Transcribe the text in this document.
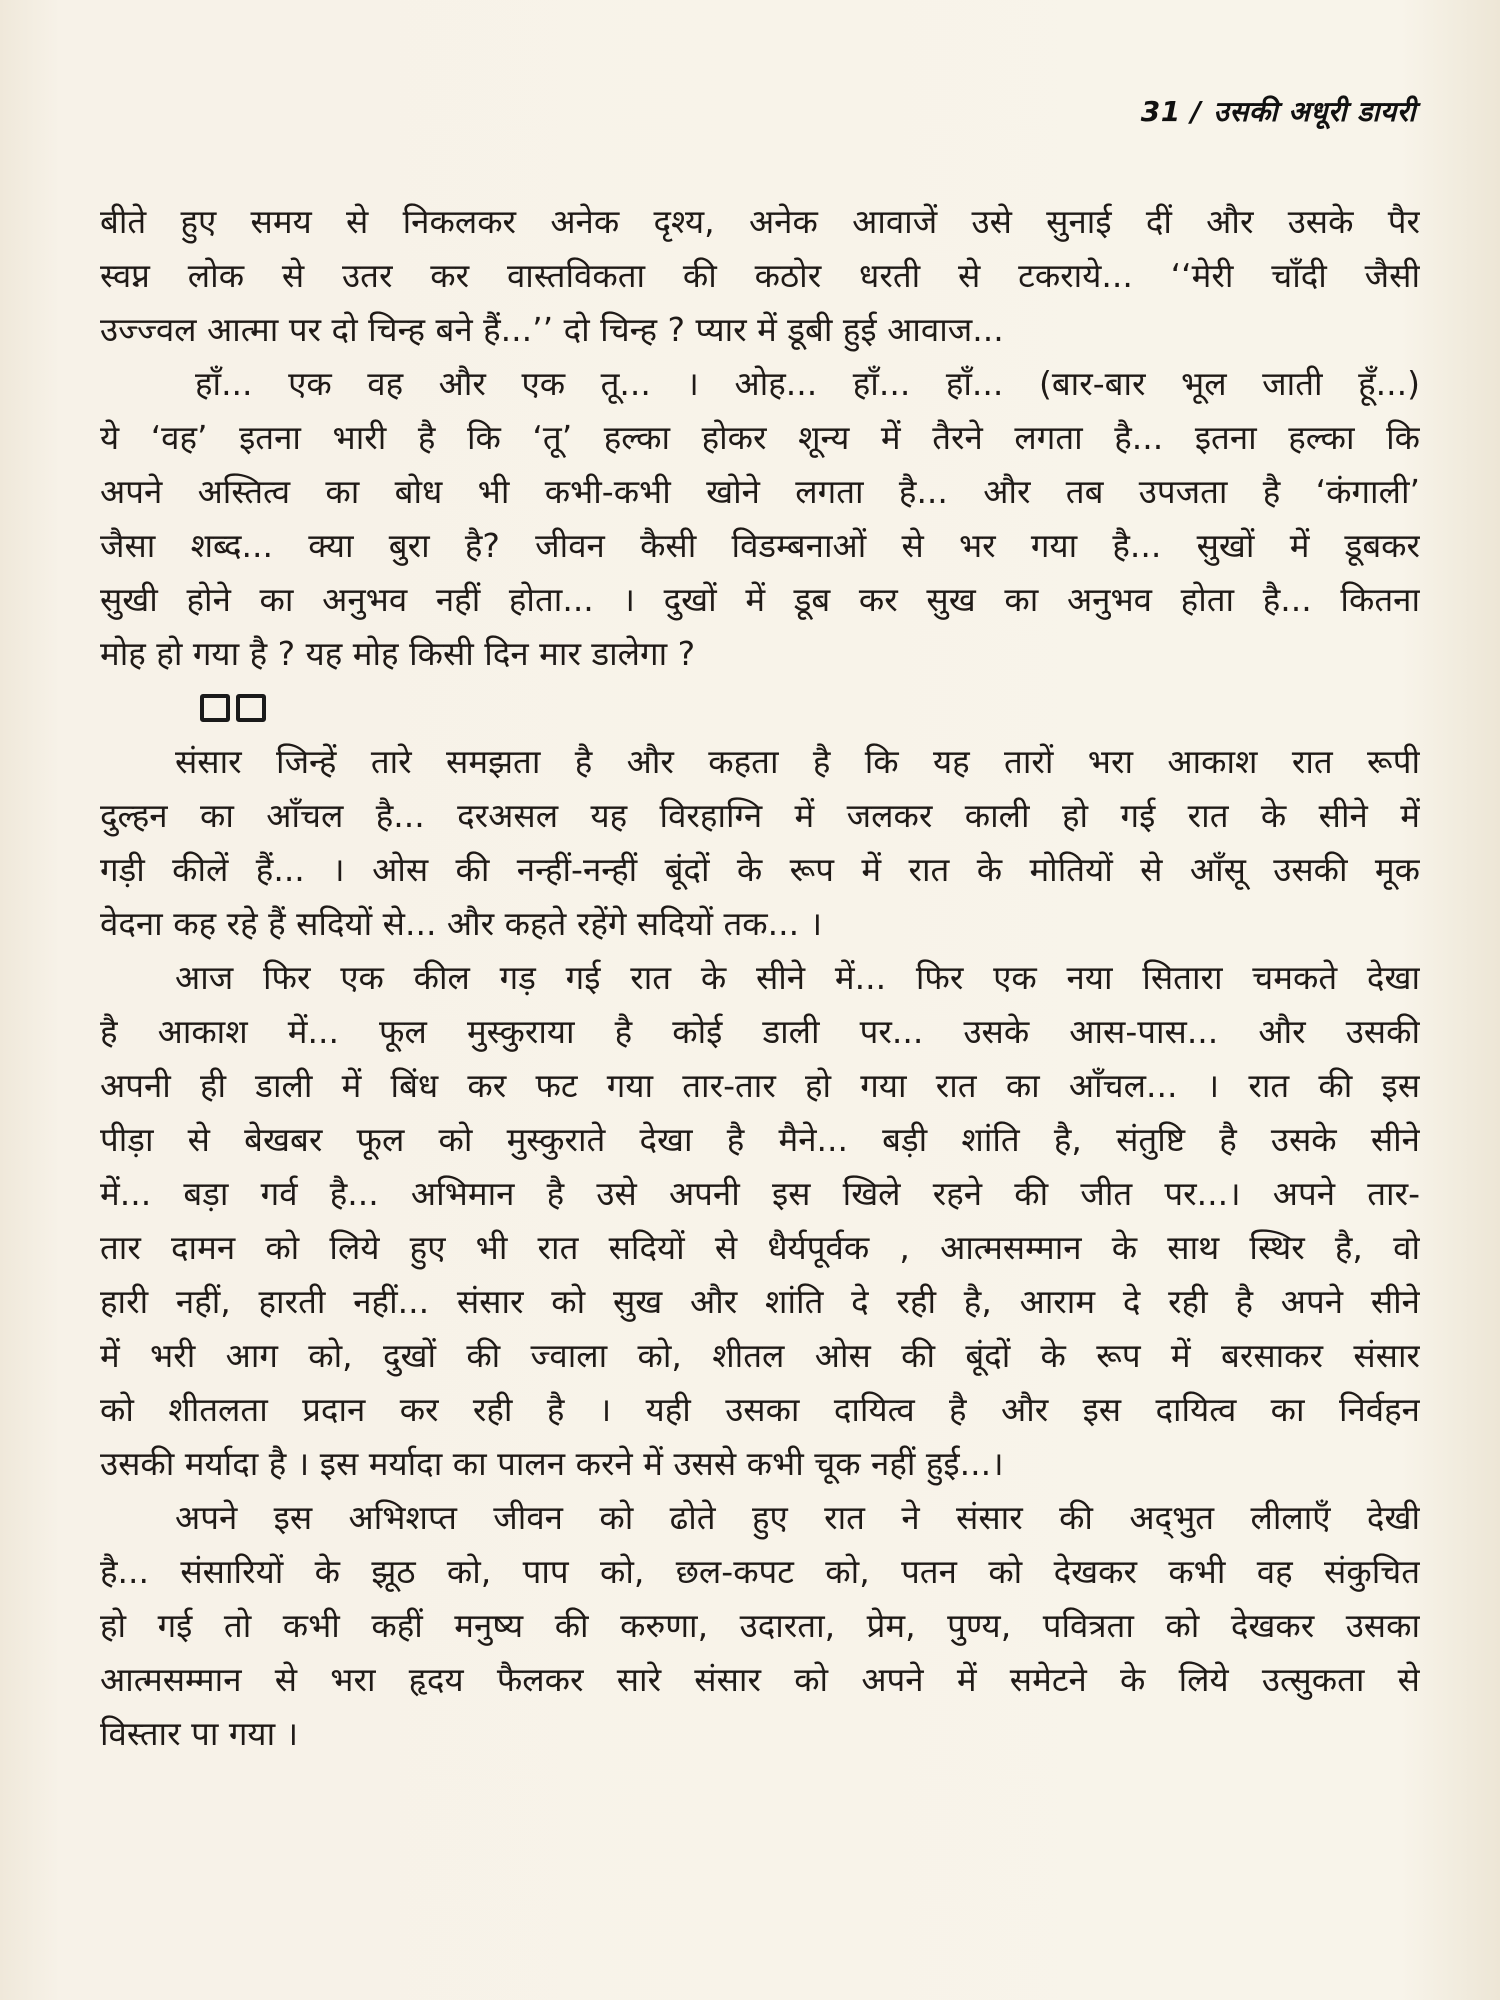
31 / उसकी अधूरी डायरी
बीते हुए समय से निकलकर अनेक दृश्य, अनेक आवाजें उसे सुनाई दीं और उसके पैर
स्वप्न लोक से उतर कर वास्तविकता की कठोर धरती से टकराये... ‘‘मेरी चाँदी जैसी
उज्ज्वल आत्मा पर दो चिन्ह बने हैं...’’ दो चिन्ह ? प्यार में डूबी हुई आवाज...
हाँ... एक वह और एक तू... । ओह... हाँ... हाँ... (बार-बार भूल जाती हूँ...)
ये ‘वह’ इतना भारी है कि ‘तू’ हल्का होकर शून्य में तैरने लगता है... इतना हल्का कि
अपने अस्तित्व का बोध भी कभी-कभी खोने लगता है... और तब उपजता है ‘कंगाली’
जैसा शब्द... क्या बुरा है? जीवन कैसी विडम्बनाओं से भर गया है... सुखों में डूबकर
सुखी होने का अनुभव नहीं होता... । दुखों में डूब कर सुख का अनुभव होता है... कितना
मोह हो गया है ? यह मोह किसी दिन मार डालेगा ?
संसार जिन्हें तारे समझता है और कहता है कि यह तारों भरा आकाश रात रूपी
दुल्हन का आँचल है... दरअसल यह विरहाग्नि में जलकर काली हो गई रात के सीने में
गड़ी कीलें हैं... । ओस की नन्हीं-नन्हीं बूंदों के रूप में रात के मोतियों से आँसू उसकी मूक
वेदना कह रहे हैं सदियों से... और कहते रहेंगे सदियों तक... ।
आज फिर एक कील गड़ गई रात के सीने में... फिर एक नया सितारा चमकते देखा
है आकाश में... फूल मुस्कुराया है कोई डाली पर... उसके आस-पास... और उसकी
अपनी ही डाली में बिंध कर फट गया तार-तार हो गया रात का आँचल... । रात की इस
पीड़ा से बेखबर फूल को मुस्कुराते देखा है मैने... बड़ी शांति है, संतुष्टि है उसके सीने
में... बड़ा गर्व है... अभिमान है उसे अपनी इस खिले रहने की जीत पर...। अपने तार-
तार दामन को लिये हुए भी रात सदियों से धैर्यपूर्वक , आत्मसम्मान के साथ स्थिर है, वो
हारी नहीं, हारती नहीं... संसार को सुख और शांति दे रही है, आराम दे रही है अपने सीने
में भरी आग को, दुखों की ज्वाला को, शीतल ओस की बूंदों के रूप में बरसाकर संसार
को शीतलता प्रदान कर रही है । यही उसका दायित्व है और इस दायित्व का निर्वहन
उसकी मर्यादा है । इस मर्यादा का पालन करने में उससे कभी चूक नहीं हुई...।
अपने इस अभिशप्त जीवन को ढोते हुए रात ने संसार की अद्‌भुत लीलाएँ देखी
है... संसारियों के झूठ को, पाप को, छल-कपट को, पतन को देखकर कभी वह संकुचित
हो गई तो कभी कहीं मनुष्य की करुणा, उदारता, प्रेम, पुण्य, पवित्रता को देखकर उसका
आत्मसम्मान से भरा हृदय फैलकर सारे संसार को अपने में समेटने के लिये उत्सुकता से
विस्तार पा गया ।
